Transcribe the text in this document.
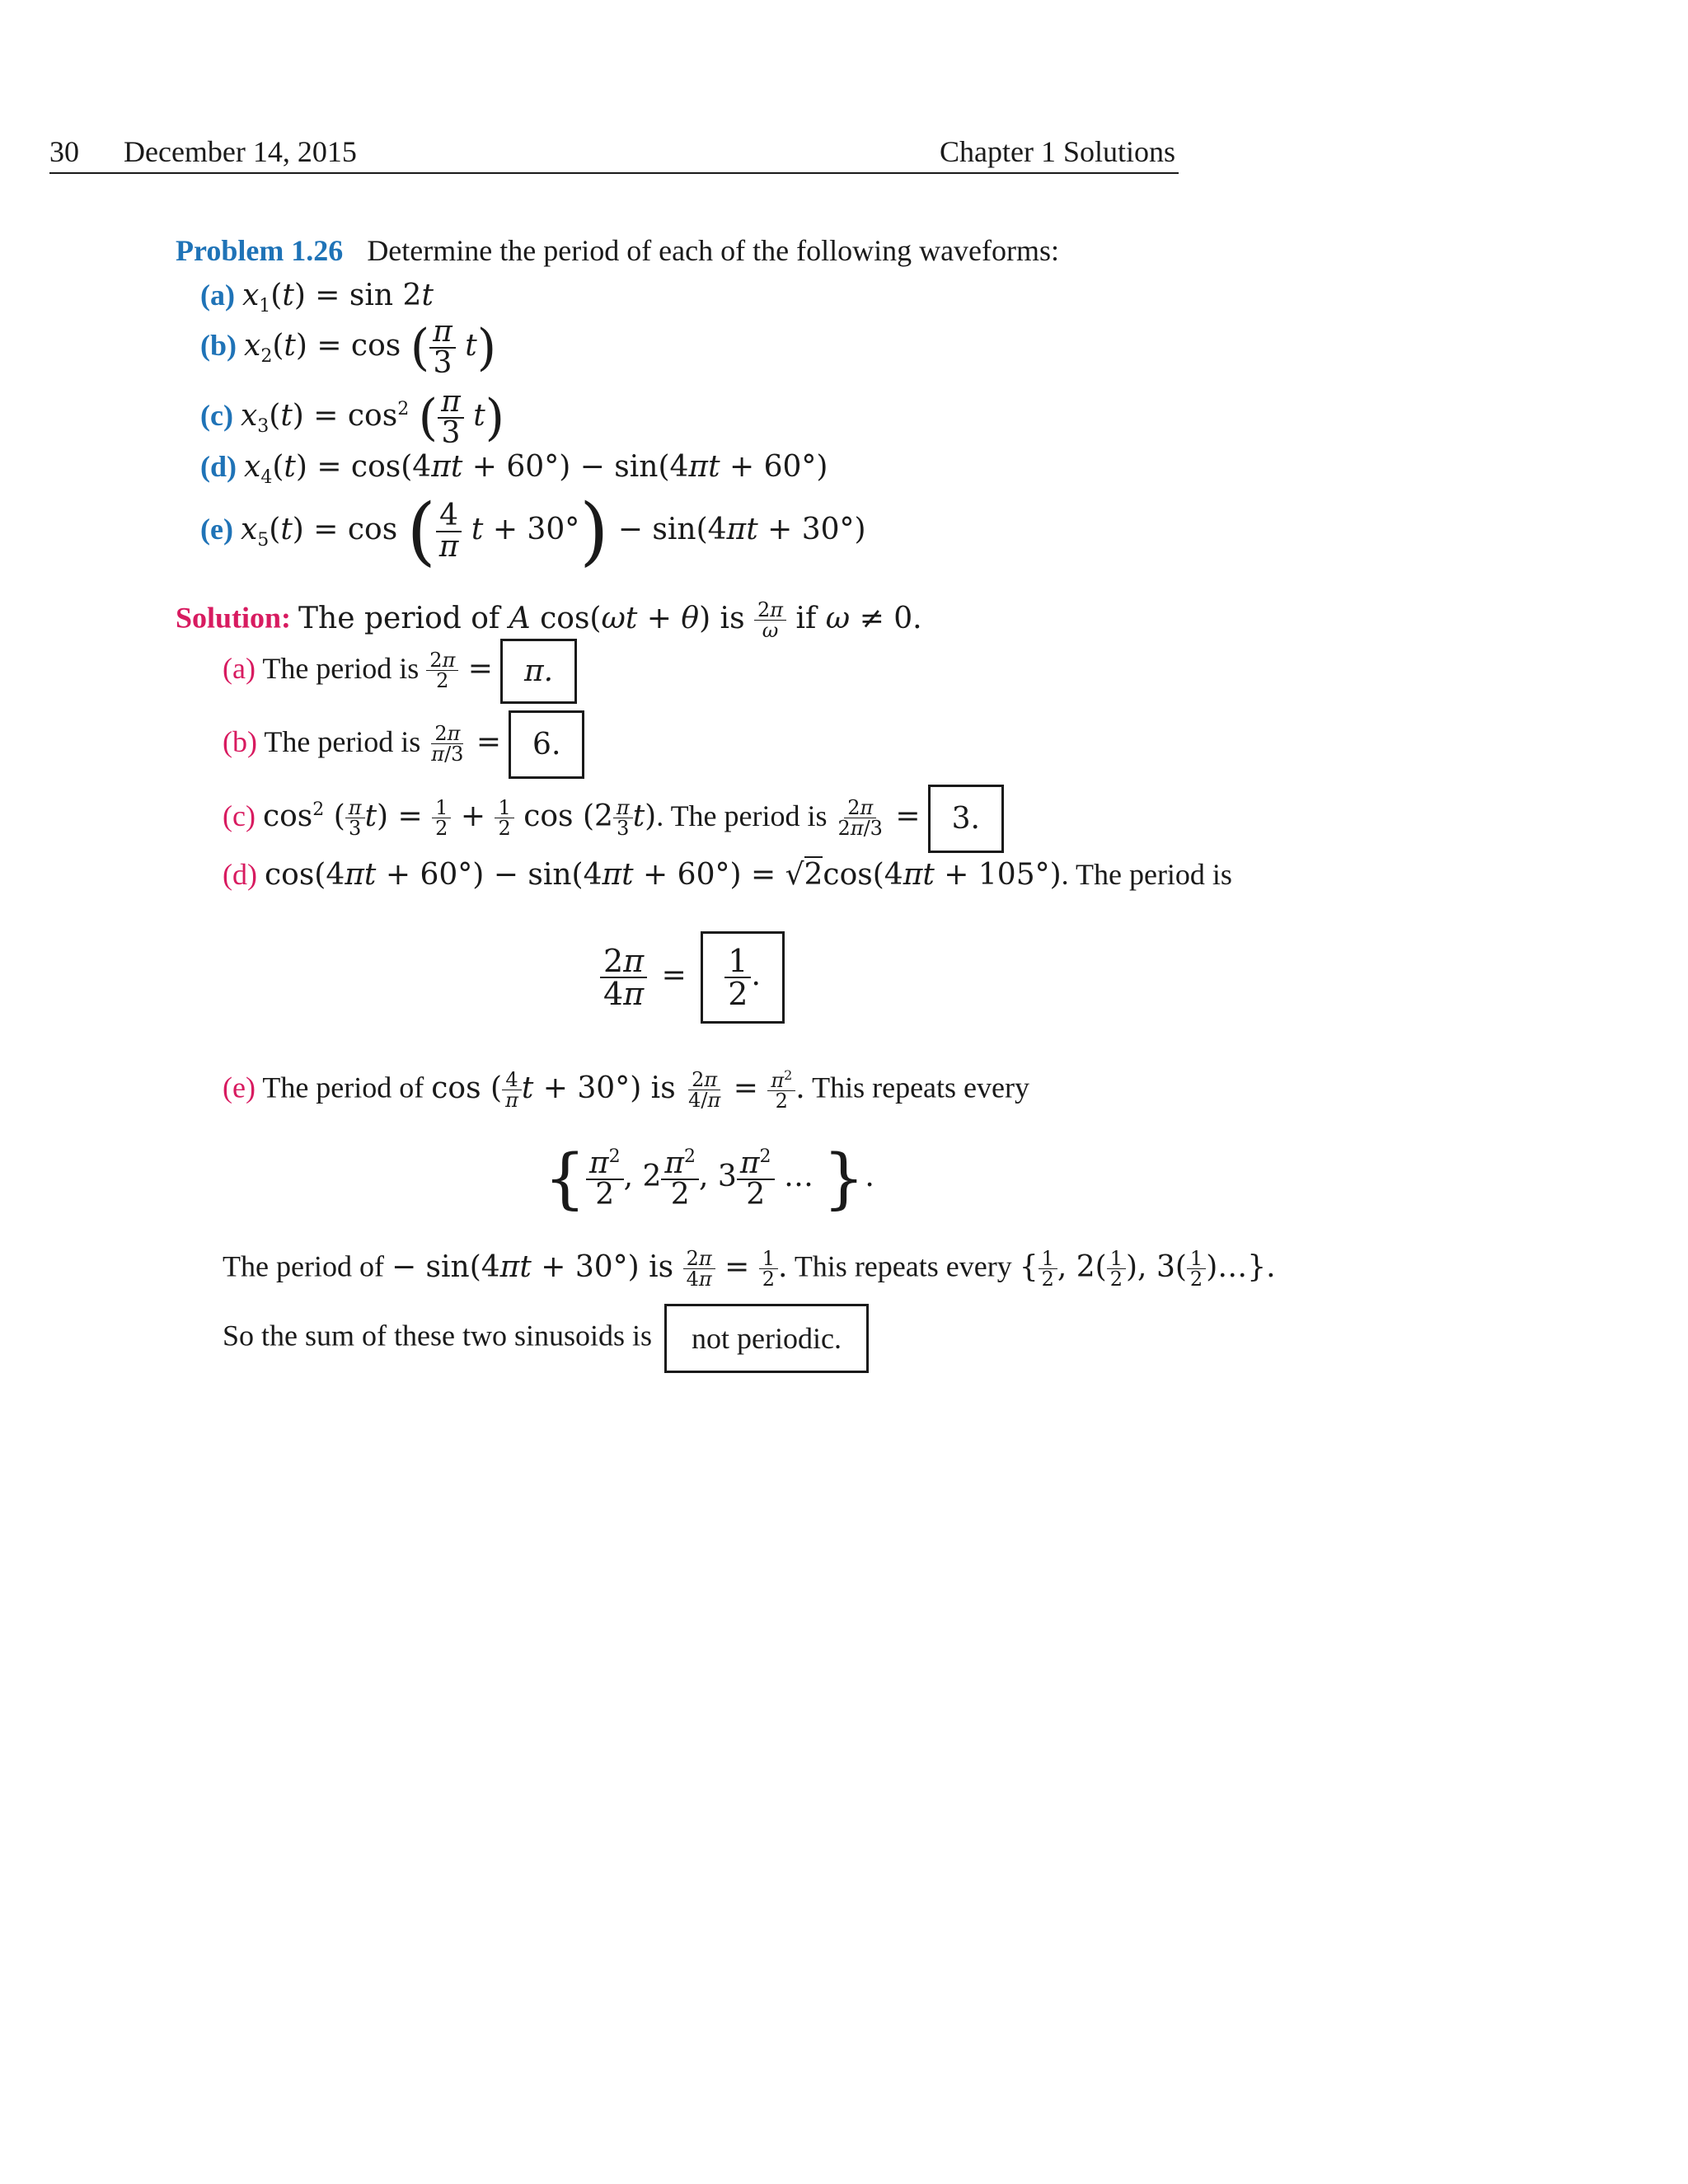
30 December 14, 2015	Chapter 1 Solutions
Problem 1.26 Determine the period of each of the following waveforms:
(a) $x_1(t) = \sin 2t$
(b) $x_2(t) = \cos$ ( $\frac{\pi}{3} t$)
(c) $x_3(t) = \cos^2$ ( $\frac{\pi}{3} t$)
(d) $x_4(t) = \cos(4\pi t + 60^\circ) - \sin(4\pi t + 60^\circ)$
(e) $x_5(t) = \cos$ ( $\frac{4}{\pi}$ t + 30°) − sin(4πt + 30°)
Solution: The period of A cos(ωt + θ) is $\frac{2\pi}{\omega}$ if ω ≠ 0.
(a) The period is $\frac{2\pi}{2} = \pi$.
(b) The period is $\frac{2\pi}{\pi/3} = 6$.
(c) $\cos^2$ ( $\frac{\pi}{3} t) = \frac{1}{2} + \frac{1}{2}$ $\cos (2 \frac{\pi}{3} t)$. The period is $\frac{2\pi}{2\pi/3} = 3$.
(d) cos(4πt + 60°) − sin(4πt + 60°) = √2cos(4πt + 105°). The period is
$\frac{2\pi}{4\pi} = \frac{1}{2}$ .
(e) The period of cos ( $\frac{4}{\pi}$ t + 30°) is $\frac{2\pi}{4/\pi} = \frac{\pi^2}{2}$ . This repeats every
{ $\frac{\pi^2}{2}$ , $2 \frac{\pi^2}{2}$ , $3 \frac{\pi^2}{2}$ … }.
The period of − sin(4πt + 30°) is $\frac{2\pi}{4\pi} = \frac{1}{2}$ . This repeats every { $\frac{1}{2}$ , $2( \frac{1}{2}$ ), $3( \frac{1}{2}$ )…}.
So the sum of these two sinusoids is not periodic.
